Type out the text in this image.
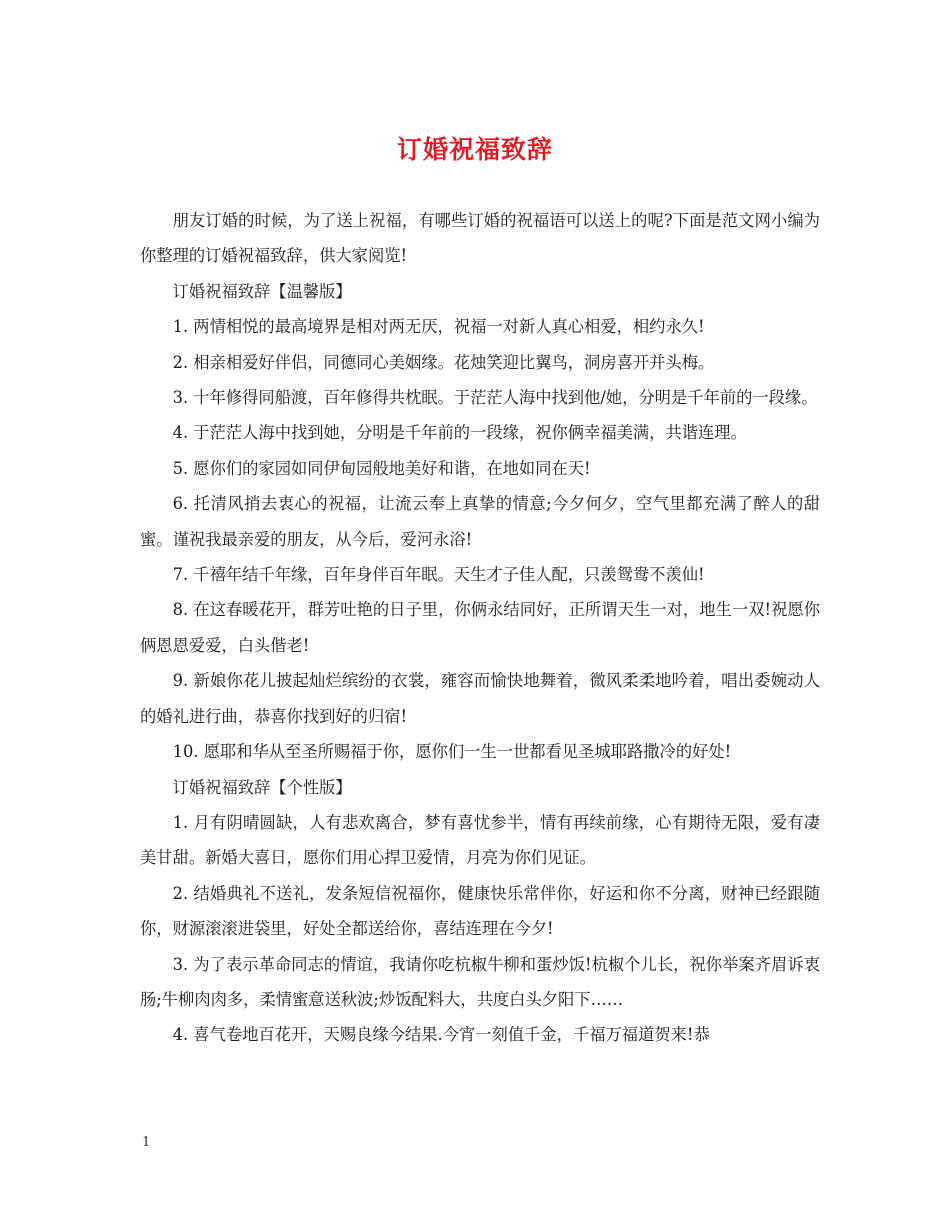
订婚祝福致辞

朋友订婚的时候，为了送上祝福，有哪些订婚的祝福语可以送上的呢?下面是范文网小编为你整理的订婚祝福致辞，供大家阅览!

订婚祝福致辞【温馨版】

1. 两情相悦的最高境界是相对两无厌，祝福一对新人真心相爱，相约永久!

2. 相亲相爱好伴侣，同德同心美姻缘。花烛笑迎比翼鸟，洞房喜开并头梅。

3. 十年修得同船渡，百年修得共枕眠。于茫茫人海中找到他/她，分明是千年前的一段缘。

4. 于茫茫人海中找到她，分明是千年前的一段缘，祝你俩幸福美满，共谐连理。

5. 愿你们的家园如同伊甸园般地美好和谐，在地如同在天!

6. 托清风捎去衷心的祝福，让流云奉上真挚的情意;今夕何夕，空气里都充满了醉人的甜蜜。谨祝我最亲爱的朋友，从今后，爱河永浴!

7. 千禧年结千年缘，百年身伴百年眠。天生才子佳人配，只羡鸳鸯不羡仙!

8. 在这春暖花开，群芳吐艳的日子里，你俩永结同好，正所谓天生一对，地生一双!祝愿你俩恩恩爱爱，白头偕老!

9. 新娘你花儿披起灿烂缤纷的衣裳，雍容而愉快地舞着，微风柔柔地吟着，唱出委婉动人的婚礼进行曲，恭喜你找到好的归宿!

10. 愿耶和华从至圣所赐福于你，愿你们一生一世都看见圣城耶路撒冷的好处!

订婚祝福致辞【个性版】

1. 月有阴晴圆缺，人有悲欢离合，梦有喜忧参半，情有再续前缘，心有期待无限，爱有凄美甘甜。新婚大喜日，愿你们用心捍卫爱情，月亮为你们见证。

2. 结婚典礼不送礼，发条短信祝福你，健康快乐常伴你，好运和你不分离，财神已经跟随你，财源滚滚进袋里，好处全都送给你，喜结连理在今夕!

3. 为了表示革命同志的情谊，我请你吃杭椒牛柳和蛋炒饭!杭椒个儿长，祝你举案齐眉诉衷肠;牛柳肉肉多，柔情蜜意送秋波;炒饭配料大，共度白头夕阳下……

4. 喜气卷地百花开，天赐良缘今结果.今宵一刻值千金，千福万福道贺来!恭

1
